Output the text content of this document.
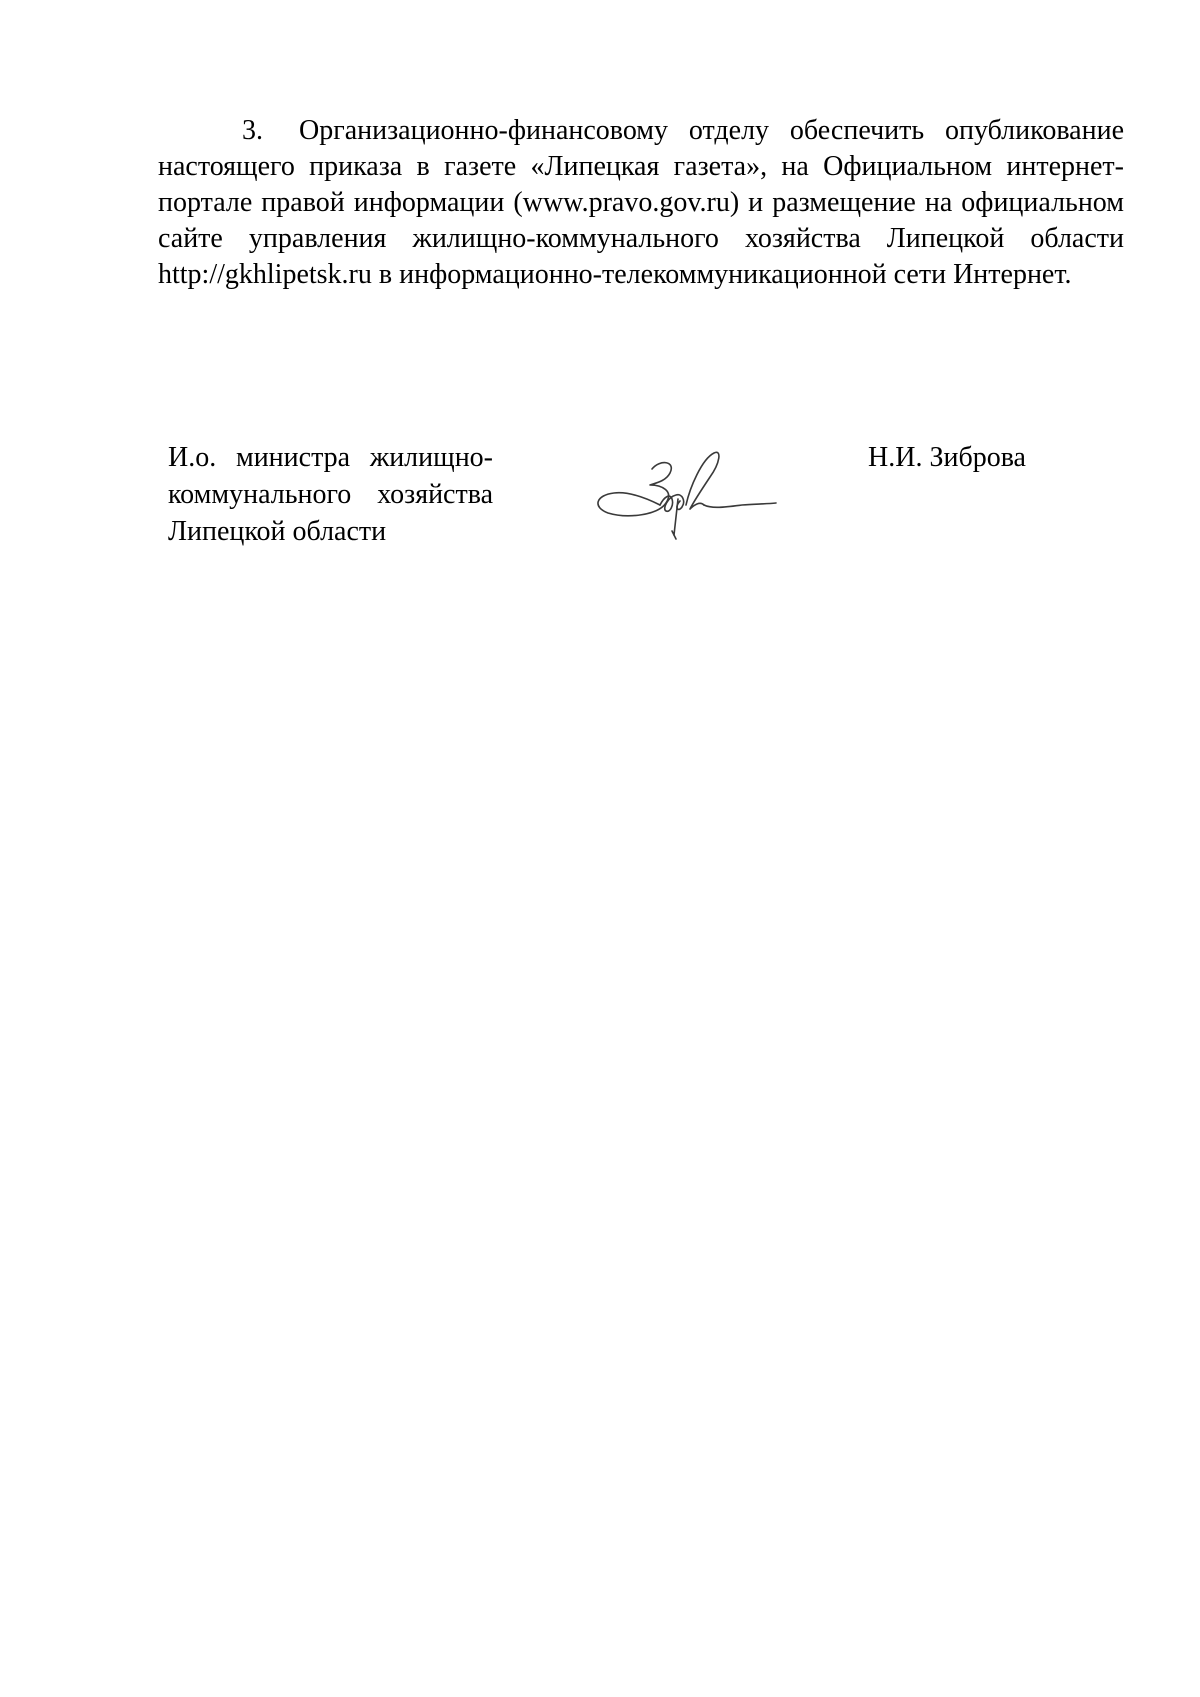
3. Организационно-финансовому отделу обеспечить опубликование настоящего приказа в газете «Липецкая газета», на Официальном интернет-портале правой информации (www.pravo.gov.ru) и размещение на официальном сайте управления жилищно-коммунального хозяйства Липецкой области http://gkhlipetsk.ru в информационно-телекоммуникационной сети Интернет.

И.о. министра жилищно-
коммунального хозяйства
Липецкой области
Н.И. Зиброва
